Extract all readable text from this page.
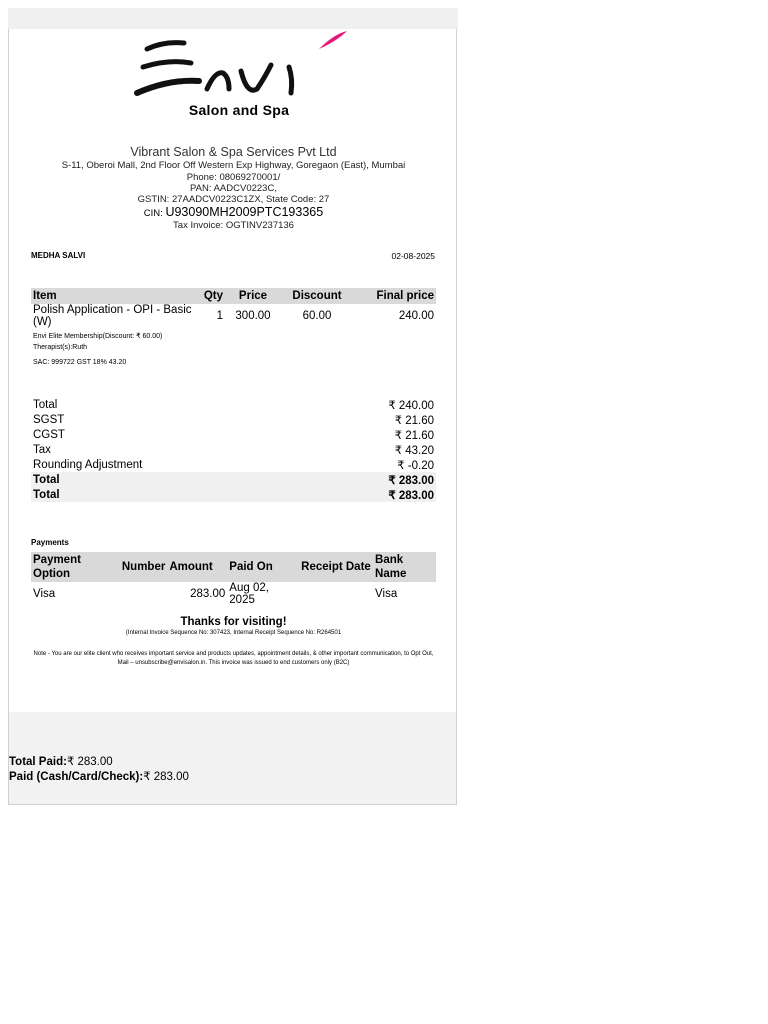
Salon and Spa
Vibrant Salon & Spa Services Pvt Ltd
S-11, Oberoi Mall, 2nd Floor Off Western Exp Highway, Goregaon (East), Mumbai
Phone: 08069270001/
PAN: AADCV0223C,
GSTIN: 27AADCV0223C1ZX, State Code: 27
CIN: U93090MH2009PTC193365
Tax Invoice: OGTINV237136
MEDHA SALVI	02-08-2025
Item	Qty	Price	Discount	Final price
Polish Application - OPI - Basic (W)	1	300.00	60.00	240.00
Envi Elite Membership(Discount: ₹ 60.00)				
Therapist(s):Ruth				
SAC: 999722 GST 18% 43.20				
Total	₹ 240.00
SGST	₹ 21.60
CGST	₹ 21.60
Tax	₹ 43.20
Rounding Adjustment	₹ -0.20
Total	₹ 283.00
Total	₹ 283.00
Payments
Payment Option	Number	Amount	Paid On	Receipt Date	Bank Name
Visa		283.00	Aug 02, 2025		Visa
Thanks for visiting!
(Internal Invoice Sequence No: 307423, Internal Receipt Sequence No: R264501
Note - You are our elite client who receives important service and products updates, appointment details, & other important communication, to Opt Out, Mail – unsubscribe@envisalon.in. This invoice was issued to end customers only (B2C)
Total Paid:₹ 283.00
Paid (Cash/Card/Check):₹ 283.00
